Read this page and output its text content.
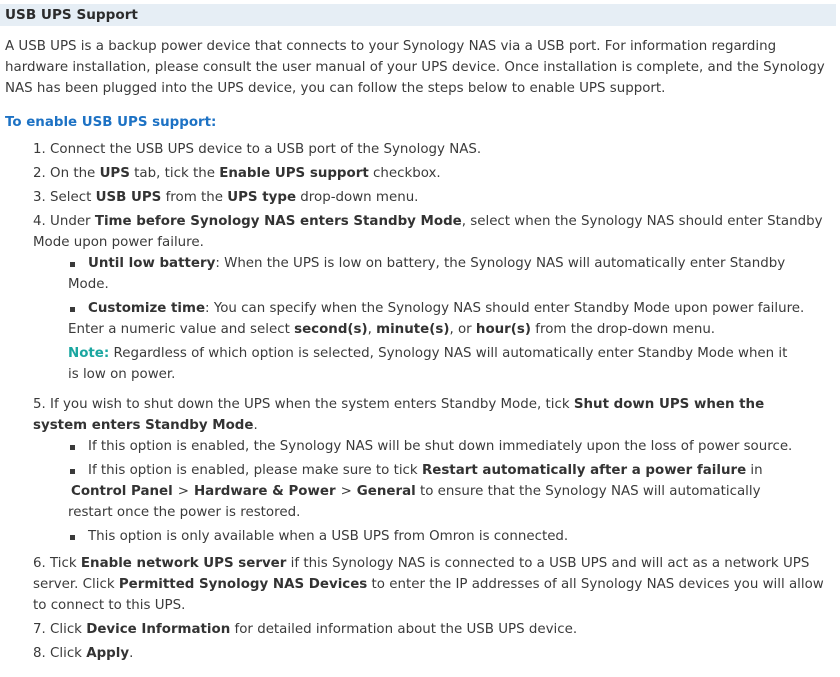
USB UPS Support
A USB UPS is a backup power device that connects to your Synology NAS via a USB port. For information regarding
hardware installation, please consult the user manual of your UPS device. Once installation is complete, and the Synology
NAS has been plugged into the UPS device, you can follow the steps below to enable UPS support.
To enable USB UPS support:
1. Connect the USB UPS device to a USB port of the Synology NAS.
2. On the UPS tab, tick the Enable UPS support checkbox.
3. Select USB UPS from the UPS type drop-down menu.
4. Under Time before Synology NAS enters Standby Mode, select when the Synology NAS should enter Standby
Mode upon power failure.
Until low battery: When the UPS is low on battery, the Synology NAS will automatically enter Standby
Mode.
Customize time: You can specify when the Synology NAS should enter Standby Mode upon power failure.
Enter a numeric value and select second(s), minute(s), or hour(s) from the drop-down menu.
Note: Regardless of which option is selected, Synology NAS will automatically enter Standby Mode when it
is low on power.
5. If you wish to shut down the UPS when the system enters Standby Mode, tick Shut down UPS when the
system enters Standby Mode.
If this option is enabled, the Synology NAS will be shut down immediately upon the loss of power source.
If this option is enabled, please make sure to tick Restart automatically after a power failure in
Control Panel > Hardware & Power > General to ensure that the Synology NAS will automatically
restart once the power is restored.
This option is only available when a USB UPS from Omron is connected.
6. Tick Enable network UPS server if this Synology NAS is connected to a USB UPS and will act as a network UPS
server. Click Permitted Synology NAS Devices to enter the IP addresses of all Synology NAS devices you will allow
to connect to this UPS.
7. Click Device Information for detailed information about the USB UPS device.
8. Click Apply.
